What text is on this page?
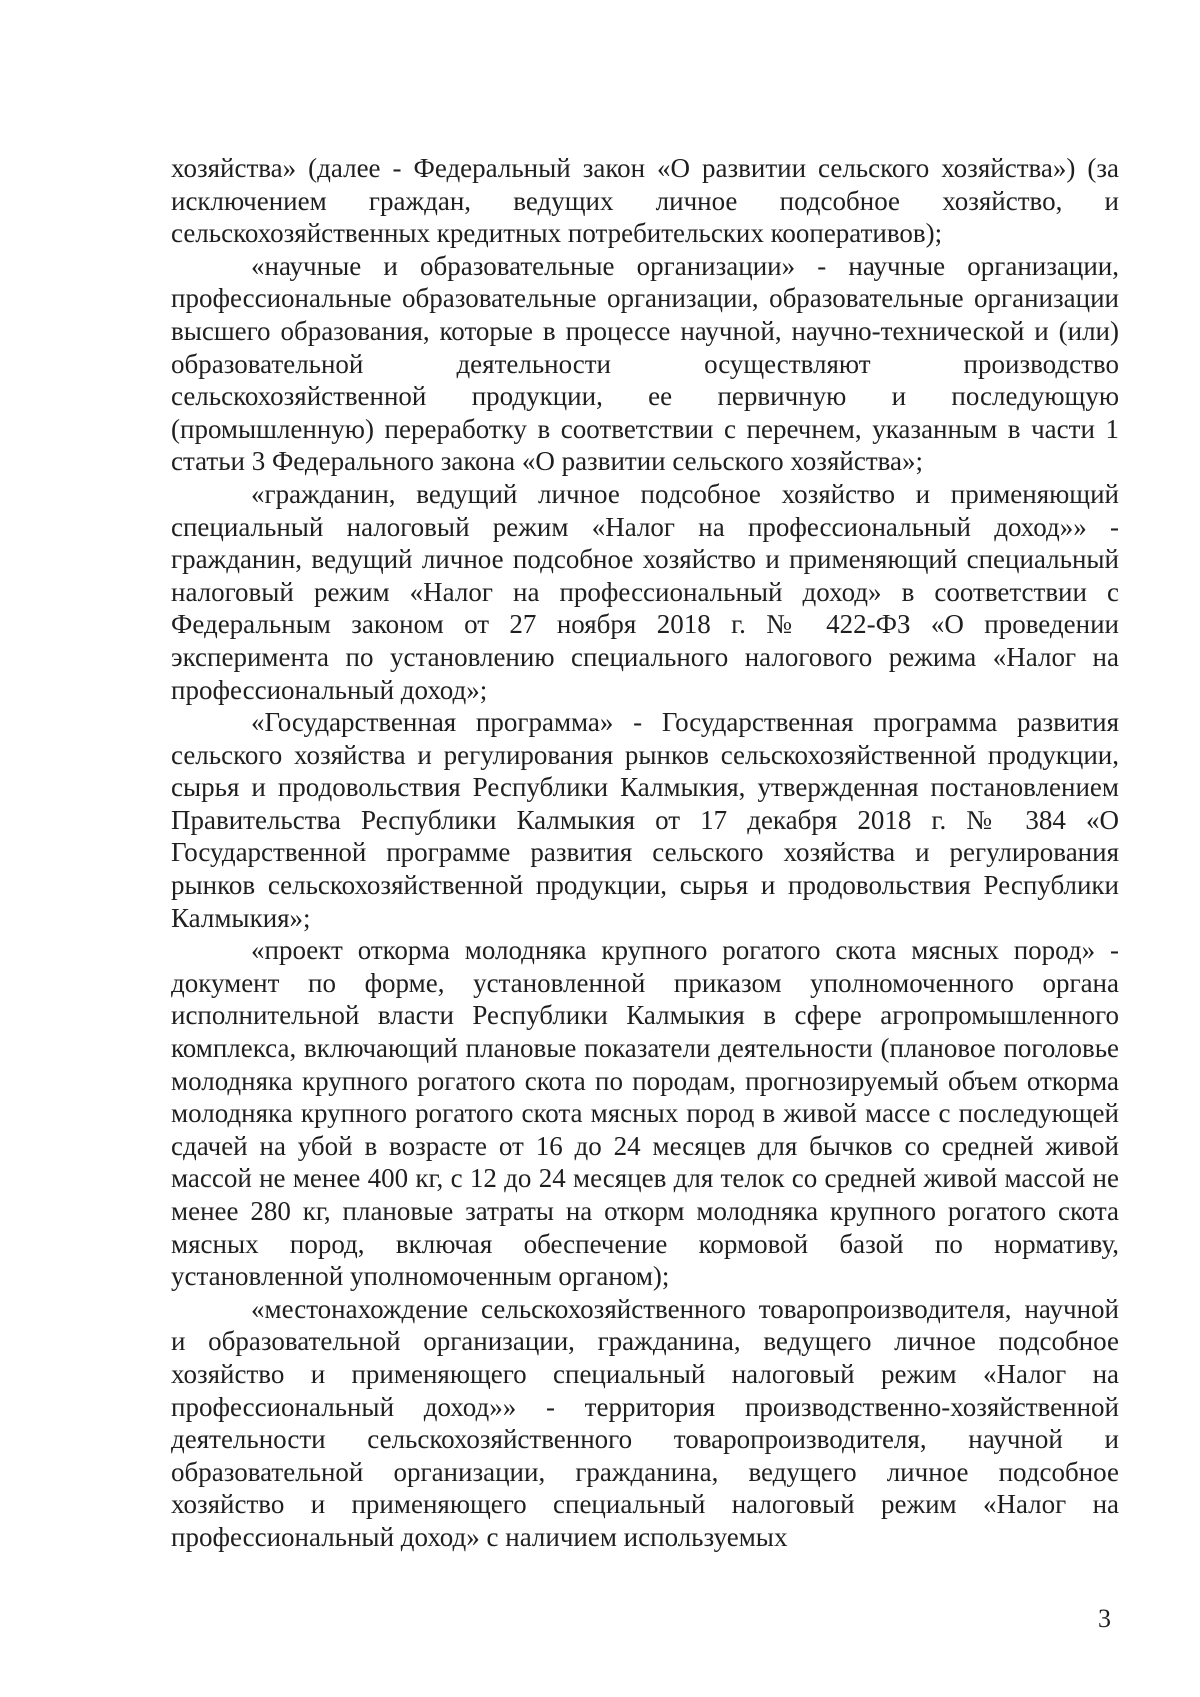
хозяйства» (далее - Федеральный закон «О развитии сельского хозяйства») (за исключением граждан, ведущих личное подсобное хозяйство, и сельскохозяйственных кредитных потребительских кооперативов);

«научные и образовательные организации» - научные организации, профессиональные образовательные организации, образовательные организации высшего образования, которые в процессе научной, научно-технической и (или) образовательной деятельности осуществляют производство сельскохозяйственной продукции, ее первичную и последующую (промышленную) переработку в соответствии с перечнем, указанным в части 1 статьи 3 Федерального закона «О развитии сельского хозяйства»;

«гражданин, ведущий личное подсобное хозяйство и применяющий специальный налоговый режим «Налог на профессиональный доход»» - гражданин, ведущий личное подсобное хозяйство и применяющий специальный налоговый режим «Налог на профессиональный доход» в соответствии с Федеральным законом от 27 ноября 2018 г. № 422-ФЗ «О проведении эксперимента по установлению специального налогового режима «Налог на профессиональный доход»;

«Государственная программа» - Государственная программа развития сельского хозяйства и регулирования рынков сельскохозяйственной продукции, сырья и продовольствия Республики Калмыкия, утвержденная постановлением Правительства Республики Калмыкия от 17 декабря 2018 г. № 384 «О Государственной программе развития сельского хозяйства и регулирования рынков сельскохозяйственной продукции, сырья и продовольствия Республики Калмыкия»;

«проект откорма молодняка крупного рогатого скота мясных пород» - документ по форме, установленной приказом уполномоченного органа исполнительной власти Республики Калмыкия в сфере агропромышленного комплекса, включающий плановые показатели деятельности (плановое поголовье молодняка крупного рогатого скота по породам, прогнозируемый объем откорма молодняка крупного рогатого скота мясных пород в живой массе с последующей сдачей на убой в возрасте от 16 до 24 месяцев для бычков со средней живой массой не менее 400 кг, с 12 до 24 месяцев для телок со средней живой массой не менее 280 кг, плановые затраты на откорм молодняка крупного рогатого скота мясных пород, включая обеспечение кормовой базой по нормативу, установленной уполномоченным органом);

«местонахождение сельскохозяйственного товаропроизводителя, научной и образовательной организации, гражданина, ведущего личное подсобное хозяйство и применяющего специальный налоговый режим «Налог на профессиональный доход»» - территория производственно-хозяйственной деятельности сельскохозяйственного товаропроизводителя, научной и образовательной организации, гражданина, ведущего личное подсобное хозяйство и применяющего специальный налоговый режим «Налог на профессиональный доход» с наличием используемых

3
